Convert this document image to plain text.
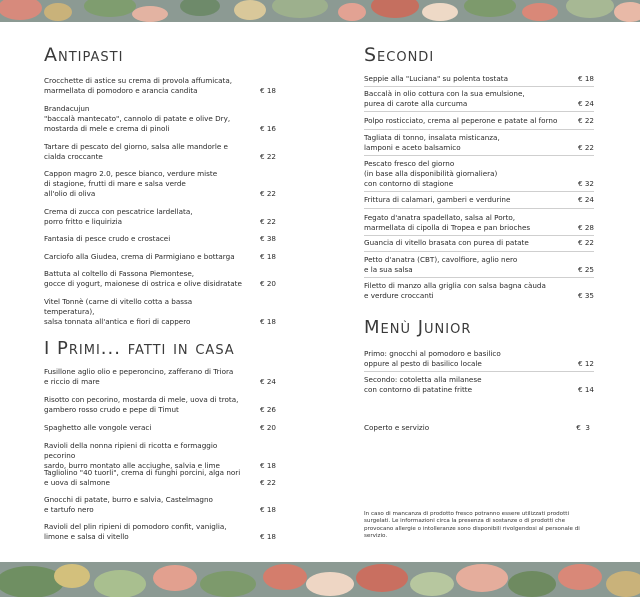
Antipasti
Crocchette di astice su crema di provola affumicata,
marmellata di pomodoro e arancia candita	€ 18
Brandacujun
"baccalà mantecato", cannolo di patate e olive Dry,
mostarda di mele e crema di pinoli	€ 16
Tartare di pescato del giorno, salsa alle mandorle e
cialda croccante	€ 22
Cappon magro 2.0, pesce bianco, verdure miste
di stagione, frutti di mare e salsa verde
all'olio di oliva	€ 22
Crema di zucca con pescatrice lardellata,
porro fritto e liquirizia	€ 22
Fantasia di pesce crudo e crostacei	€ 38
Carciofo alla Giudea, crema di Parmigiano e bottarga	€ 18
Battuta al coltello di Fassona Piemontese,
gocce di yogurt, maionese di ostrica e olive disidratate	€ 20
Vitel Tonnè (carne di vitello cotta a bassa temperatura),
salsa tonnata all'antica e fiori di cappero	€ 18
I Primi... fatti in casa
Fusillone aglio olio e peperoncino, zafferano di Triora
e riccio di mare	€ 24
Risotto con pecorino, mostarda di mele, uova di trota,
gambero rosso crudo e pepe di Timut	€ 26
Spaghetto alle vongole veraci	€ 20
Ravioli della nonna ripieni di ricotta e formaggio pecorino
sardo, burro montato alle acciughe, salvia e lime	€ 18
Tagliolino "40 tuorli", crema di funghi porcini, alga nori
e uova di salmone	€ 22
Gnocchi di patate, burro e salvia, Castelmagno
e tartufo nero	€ 18
Ravioli del plin ripieni di pomodoro confit, vaniglia,
limone e salsa di vitello	€ 18
Secondi
Seppie alla "Luciana" su polenta tostata	€ 18
Baccalà in olio cottura con la sua emulsione,
purea di carote alla curcuma	€ 24
Polpo rosticciato, crema al peperone e patate al forno	€ 22
Tagliata di tonno, insalata misticanza,
lamponi e aceto balsamico	€ 22
Pescato fresco del giorno
(in base alla disponibilità giornaliera)
con contorno di stagione	€ 32
Frittura di calamari, gamberi e verdurine	€ 24
Fegato d'anatra spadellato, salsa al Porto,
marmellata di cipolla di Tropea e pan brioches	€ 28
Guancia di vitello brasata con purea di patate	€ 22
Petto d'anatra (CBT), cavolfiore, aglio nero
e la sua salsa	€ 25
Filetto di manzo alla griglia con salsa bagna càuda
e verdure croccanti	€ 35
Menù Junior
Primo: gnocchi al pomodoro e basilico
oppure al pesto di basilico locale	€ 12
Secondo: cotoletta alla milanese
con contorno di patatine fritte	€ 14
Coperto e servizio	€  3
In caso di mancanza di prodotto fresco potranno essere utilizzati prodotti surgelati. Le informazioni circa la presenza di sostanze o di prodotti che provocano allergie o intolleranze sono disponibili rivolgendosi al personale di servizio.
